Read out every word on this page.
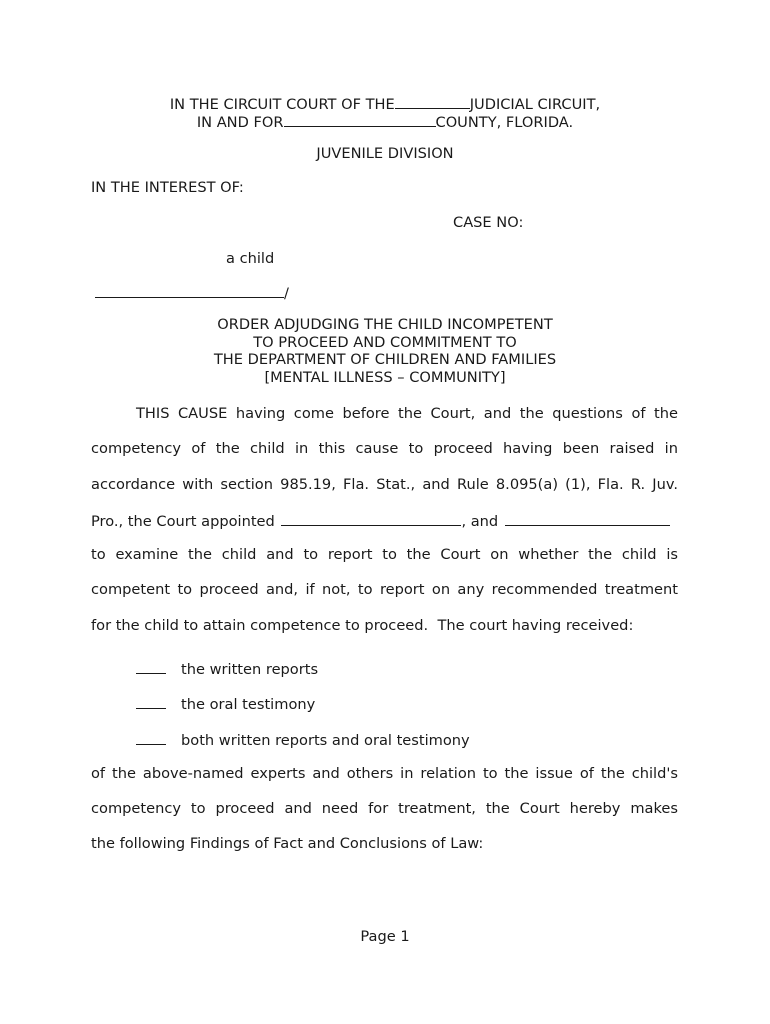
IN THE CIRCUIT COURT OF THE	JUDICIAL CIRCUIT,
IN AND FOR	COUNTY, FLORIDA.
JUVENILE DIVISION
IN THE INTEREST OF:
CASE NO:
a child
/
ORDER ADJUDGING THE CHILD INCOMPETENT
TO PROCEED AND COMMITMENT TO
THE DEPARTMENT OF CHILDREN AND FAMILIES
[MENTAL ILLNESS – COMMUNITY]
THIS CAUSE having come before the Court, and the questions of the
competency of the child in this cause to proceed having been raised in
accordance with section 985.19, Fla. Stat., and Rule 8.095(a) (1), Fla. R. Juv.
Pro., the Court appointed	, and
to examine the child and to report to the Court on whether the child is
competent to proceed and, if not, to report on any recommended treatment
for the child to attain competence to proceed.  The court having received:
the written reports
the oral testimony
both written reports and oral testimony
of the above-named experts and others in relation to the issue of the child's
competency to proceed and need for treatment, the Court hereby makes
the following Findings of Fact and Conclusions of Law:
Page 1
